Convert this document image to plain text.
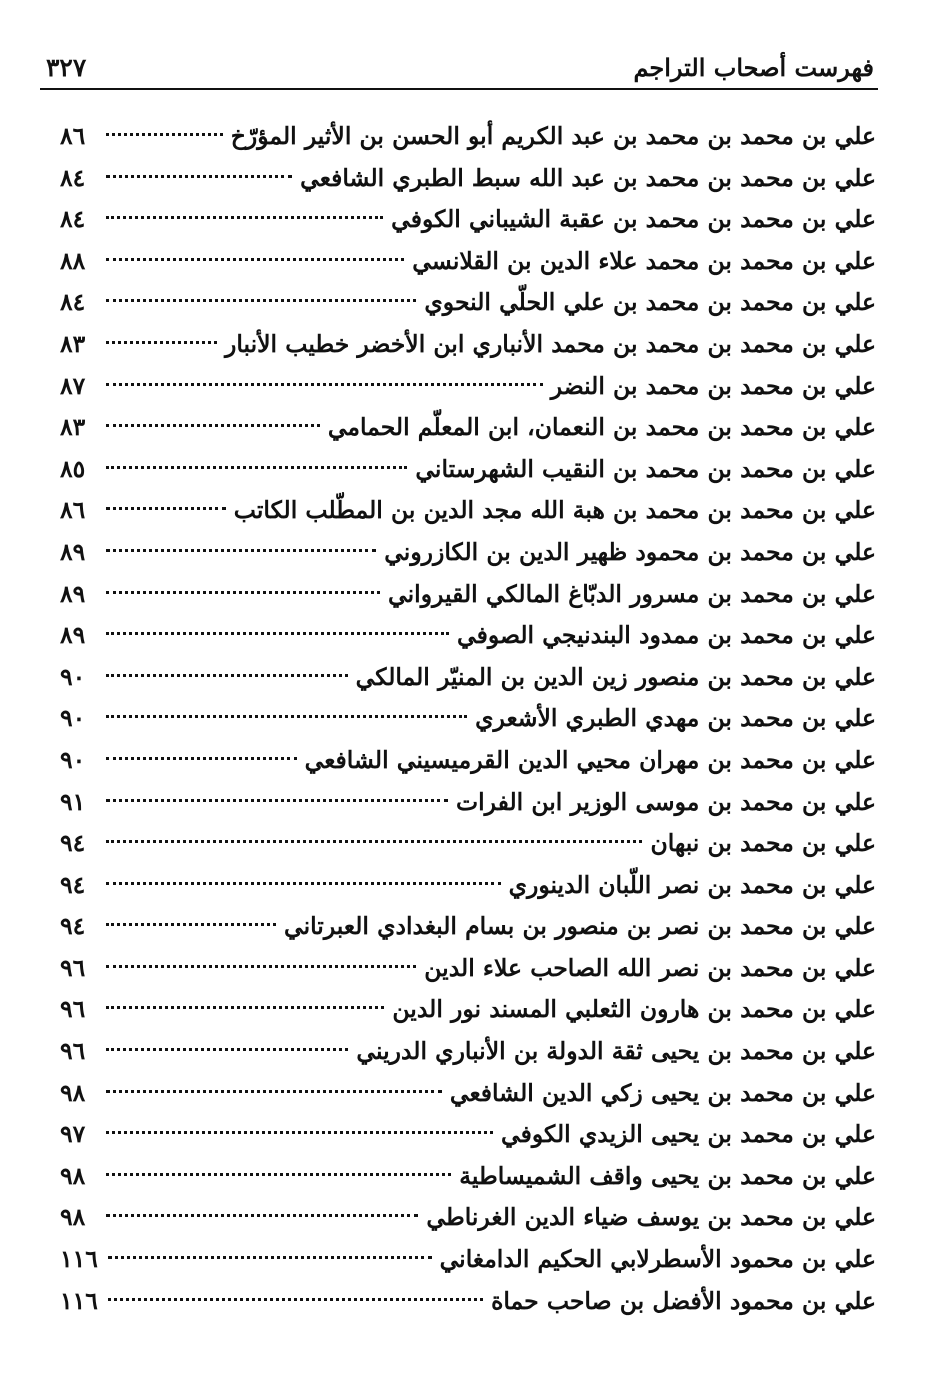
فهرست أصحاب التراجم
٣٢٧
علي بن محمد بن محمد بن عبد الكريم أبو الحسن بن الأثير المؤرّخ
٨٦
علي بن محمد بن محمد بن عبد الله سبط الطبري الشافعي
٨٤
علي بن محمد بن محمد بن عقبة الشيباني الكوفي
٨٤
علي بن محمد بن محمد علاء الدين بن القلانسي
٨٨
علي بن محمد بن محمد بن علي الحلّي النحوي
٨٤
علي بن محمد بن محمد بن محمد الأنباري ابن الأخضر خطيب الأنبار
٨٣
علي بن محمد بن محمد بن النضر
٨٧
علي بن محمد بن محمد بن النعمان، ابن المعلّم الحمامي
٨٣
علي بن محمد بن محمد بن النقيب الشهرستاني
٨٥
علي بن محمد بن محمد بن هبة الله مجد الدين بن المطّلب الكاتب
٨٦
علي بن محمد بن محمود ظهير الدين بن الكازروني
٨٩
علي بن محمد بن مسرور الدبّاغ المالكي القيرواني
٨٩
علي بن محمد بن ممدود البندنيجي الصوفي
٨٩
علي بن محمد بن منصور زين الدين بن المنيّر المالكي
٩٠
علي بن محمد بن مهدي الطبري الأشعري
٩٠
علي بن محمد بن مهران محيي الدين القرميسيني الشافعي
٩٠
علي بن محمد بن موسى الوزير ابن الفرات
٩١
علي بن محمد بن نبهان
٩٤
علي بن محمد بن نصر اللّبان الدينوري
٩٤
علي بن محمد بن نصر بن منصور بن بسام البغدادي العبرتاني
٩٤
علي بن محمد بن نصر الله الصاحب علاء الدين
٩٦
علي بن محمد بن هارون الثعلبي المسند نور الدين
٩٦
علي بن محمد بن يحيى ثقة الدولة بن الأنباري الدريني
٩٦
علي بن محمد بن يحيى زكي الدين الشافعي
٩٨
علي بن محمد بن يحيى الزيدي الكوفي
٩٧
علي بن محمد بن يحيى واقف الشميساطية
٩٨
علي بن محمد بن يوسف ضياء الدين الغرناطي
٩٨
علي بن محمود الأسطرلابي الحكيم الدامغاني
١١٦
علي بن محمود الأفضل بن صاحب حماة
١١٦
